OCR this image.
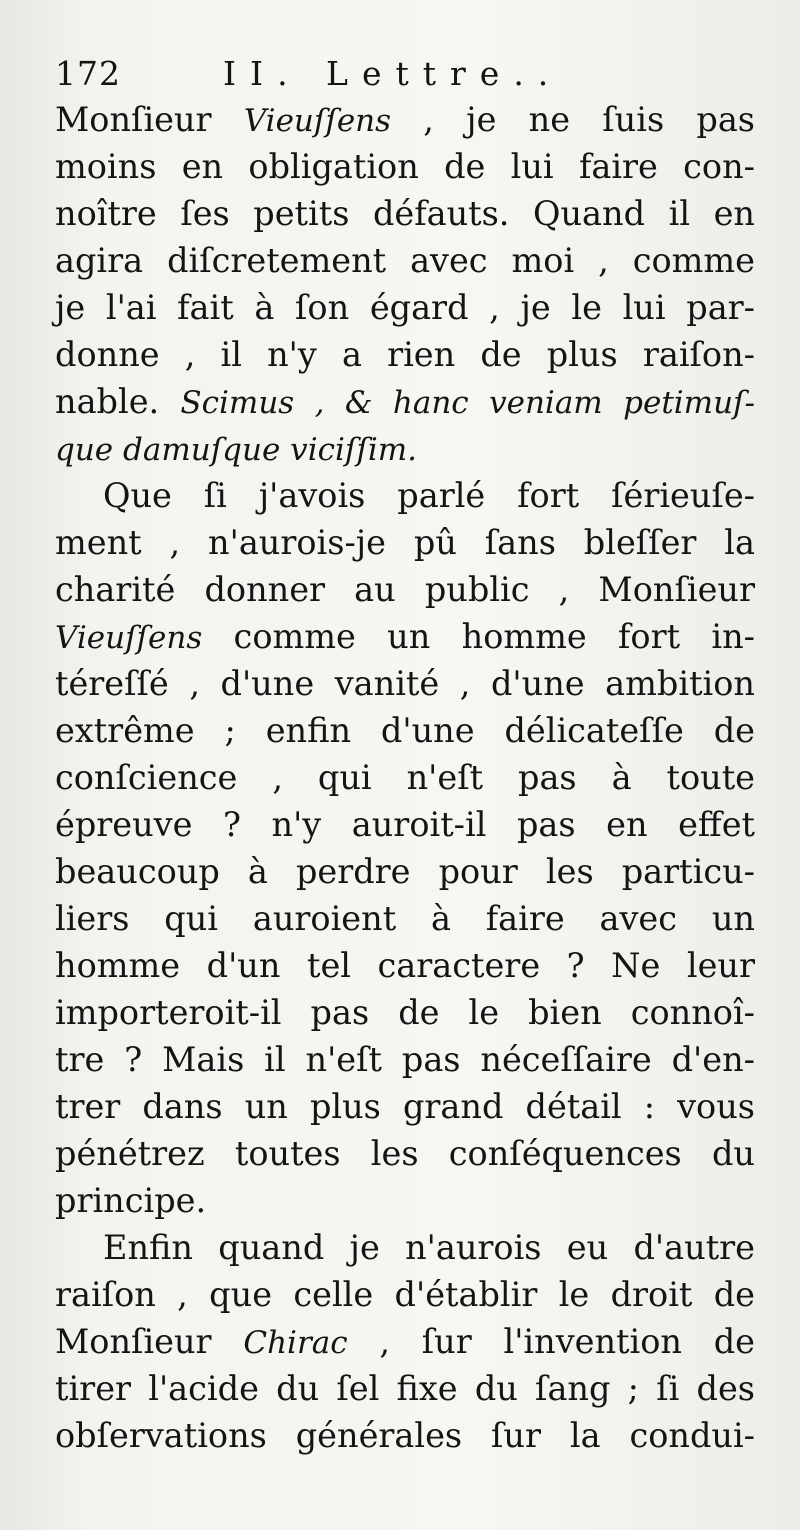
172	II. Lettre..
Monſieur Vieuſſens , je ne ſuis pas
moins en obligation de lui faire con-
noître ſes petits défauts. Quand il en
agira diſcretement avec moi , comme
je l'ai fait à ſon égard , je le lui par-
donne , il n'y a rien de plus raiſon-
nable. Scimus , & hanc veniam petimuſ-
que damuſque viciſſim.
Que ſi j'avois parlé fort ſérieuſe-
ment , n'aurois-je pû ſans bleſſer la
charité donner au public , Monſieur
Vieuſſens comme un homme fort in-
téreſſé , d'une vanité , d'une ambition
extrême ; enfin d'une délicateſſe de
conſcience , qui n'eſt pas à toute
épreuve ? n'y auroit-il pas en effet
beaucoup à perdre pour les particu-
liers qui auroient à faire avec un
homme d'un tel caractere ? Ne leur
importeroit-il pas de le bien connoî-
tre ? Mais il n'eſt pas néceſſaire d'en-
trer dans un plus grand détail : vous
pénétrez toutes les conſéquences du
principe.
Enfin quand je n'aurois eu d'autre
raiſon , que celle d'établir le droit de
Monſieur Chirac , ſur l'invention de
tirer l'acide du ſel fixe du ſang ; ſi des
obſervations générales ſur la condui-
